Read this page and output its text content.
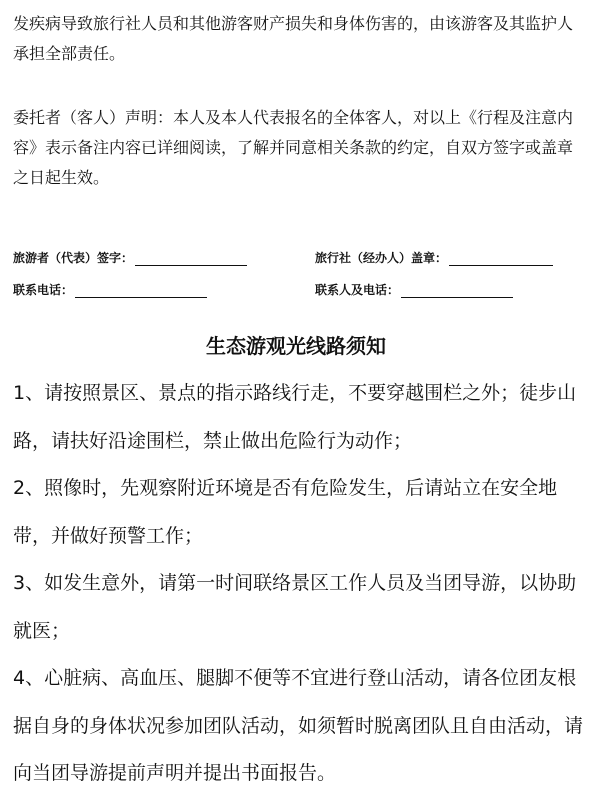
发疾病导致旅行社人员和其他游客财产损失和身体伤害的，由该游客及其监护人承担全部责任。

委托者（客人）声明：本人及本人代表报名的全体客人，对以上《行程及注意内容》表示备注内容已详细阅读，了解并同意相关条款的约定，自双方签字或盖章之日起生效。

旅游者（代表）签字：	旅行社（经办人）盖章：
联系电话：	联系人及电话：
生态游观光线路须知
1、请按照景区、景点的指示路线行走，不要穿越围栏之外；徒步山路，请扶好沿途围栏，禁止做出危险行为动作；
2、照像时，先观察附近环境是否有危险发生，后请站立在安全地带，并做好预警工作；
3、如发生意外，请第一时间联络景区工作人员及当团导游，以协助就医；
4、心脏病、高血压、腿脚不便等不宜进行登山活动，请各位团友根据自身的身体状况参加团队活动，如须暂时脱离团队且自由活动，请向当团导游提前声明并提出书面报告。
